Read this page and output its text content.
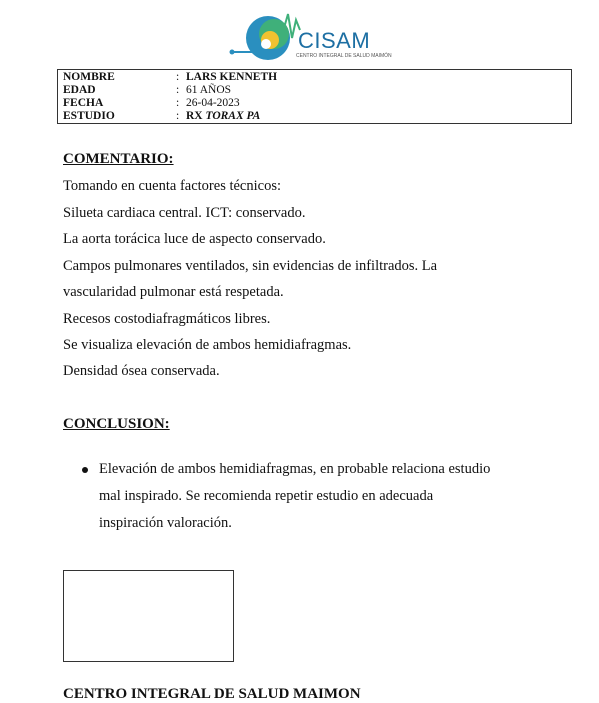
CISAM
CENTRO INTEGRAL DE SALUD MAIMÓN
NOMBRE	: LARS KENNETH
EDAD	: 61 AÑOS
FECHA	: 26-04-2023
ESTUDIO	: RX TORAX PA
COMENTARIO:
Tomando en cuenta factores técnicos:
Silueta cardiaca central. ICT: conservado.
La aorta torácica luce de aspecto conservado.
Campos pulmonares ventilados, sin evidencias de infiltrados. La
vascularidad pulmonar está respetada.
Recesos costodiafragmáticos libres.
Se visualiza elevación de ambos hemidiafragmas.
Densidad ósea conservada.
CONCLUSION:
Elevación de ambos hemidiafragmas, en probable relaciona estudio
mal inspirado. Se recomienda repetir estudio en adecuada
inspiración valoración.
CENTRO INTEGRAL DE SALUD MAIMON
